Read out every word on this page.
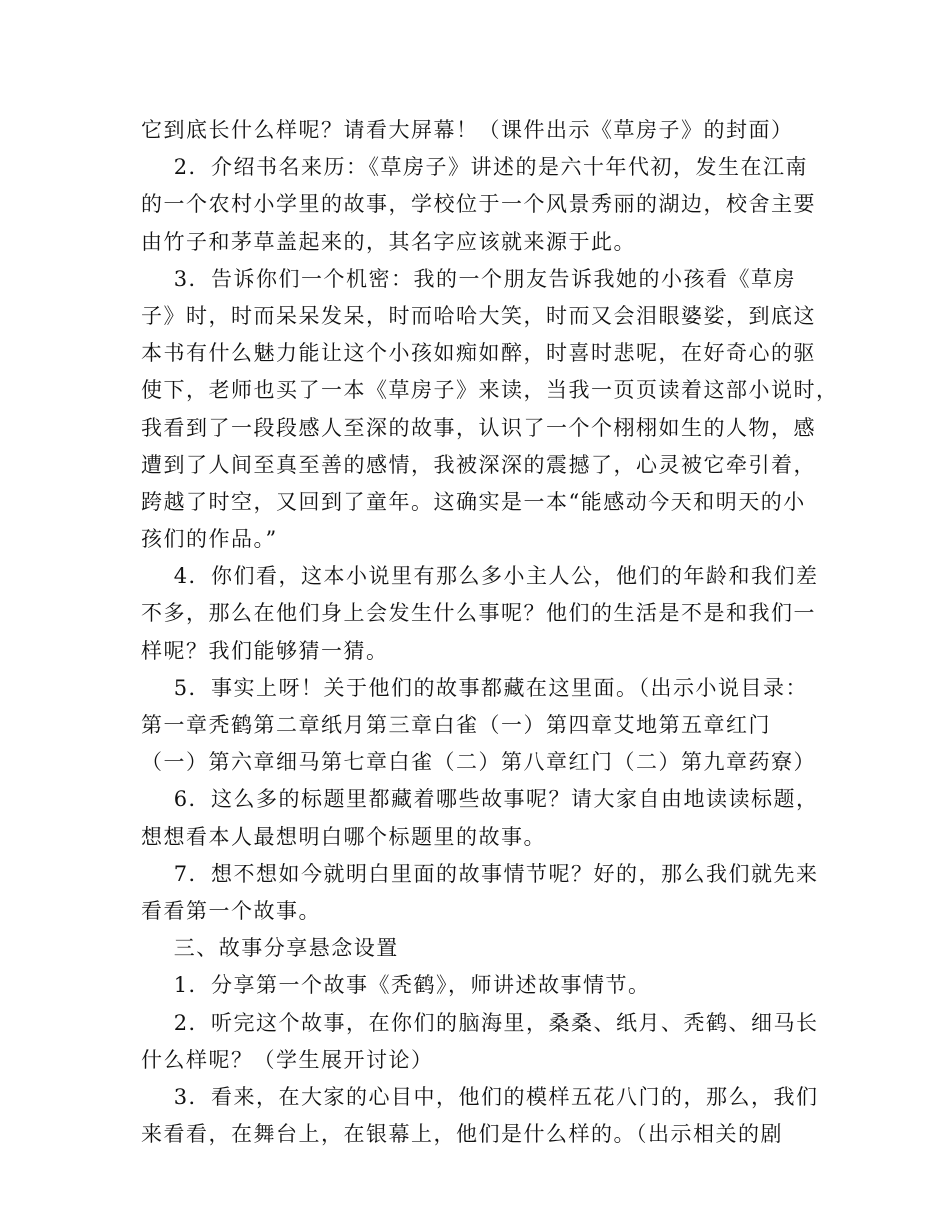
它到底长什么样呢？请看大屏幕！（课件出示《草房子》的封面）
2．介绍书名来历：《草房子》讲述的是六十年代初，发生在江南
的一个农村小学里的故事，学校位于一个风景秀丽的湖边，校舍主要
由竹子和茅草盖起来的，其名字应该就来源于此。
3．告诉你们一个机密：我的一个朋友告诉我她的小孩看《草房
子》时，时而呆呆发呆，时而哈哈大笑，时而又会泪眼婆娑，到底这
本书有什么魅力能让这个小孩如痴如醉，时喜时悲呢，在好奇心的驱
使下，老师也买了一本《草房子》来读，当我一页页读着这部小说时，
我看到了一段段感人至深的故事，认识了一个个栩栩如生的人物，感
遭到了人间至真至善的感情，我被深深的震撼了，心灵被它牵引着，
跨越了时空，又回到了童年。这确实是一本“能感动今天和明天的小
孩们的作品。”
4．你们看，这本小说里有那么多小主人公，他们的年龄和我们差
不多，那么在他们身上会发生什么事呢？他们的生活是不是和我们一
样呢？我们能够猜一猜。
5．事实上呀！关于他们的故事都藏在这里面。（出示小说目录：
第一章秃鹤第二章纸月第三章白雀（一）第四章艾地第五章红门
（一）第六章细马第七章白雀（二）第八章红门（二）第九章药寮）
6．这么多的标题里都藏着哪些故事呢？请大家自由地读读标题，
想想看本人最想明白哪个标题里的故事。
7．想不想如今就明白里面的故事情节呢？好的，那么我们就先来
看看第一个故事。
三、故事分享悬念设置
1．分享第一个故事《秃鹤》，师讲述故事情节。
2．听完这个故事，在你们的脑海里，桑桑、纸月、秃鹤、细马长
什么样呢？（学生展开讨论）
3．看来，在大家的心目中，他们的模样五花八门的，那么，我们
来看看，在舞台上，在银幕上，他们是什么样的。（出示相关的剧
